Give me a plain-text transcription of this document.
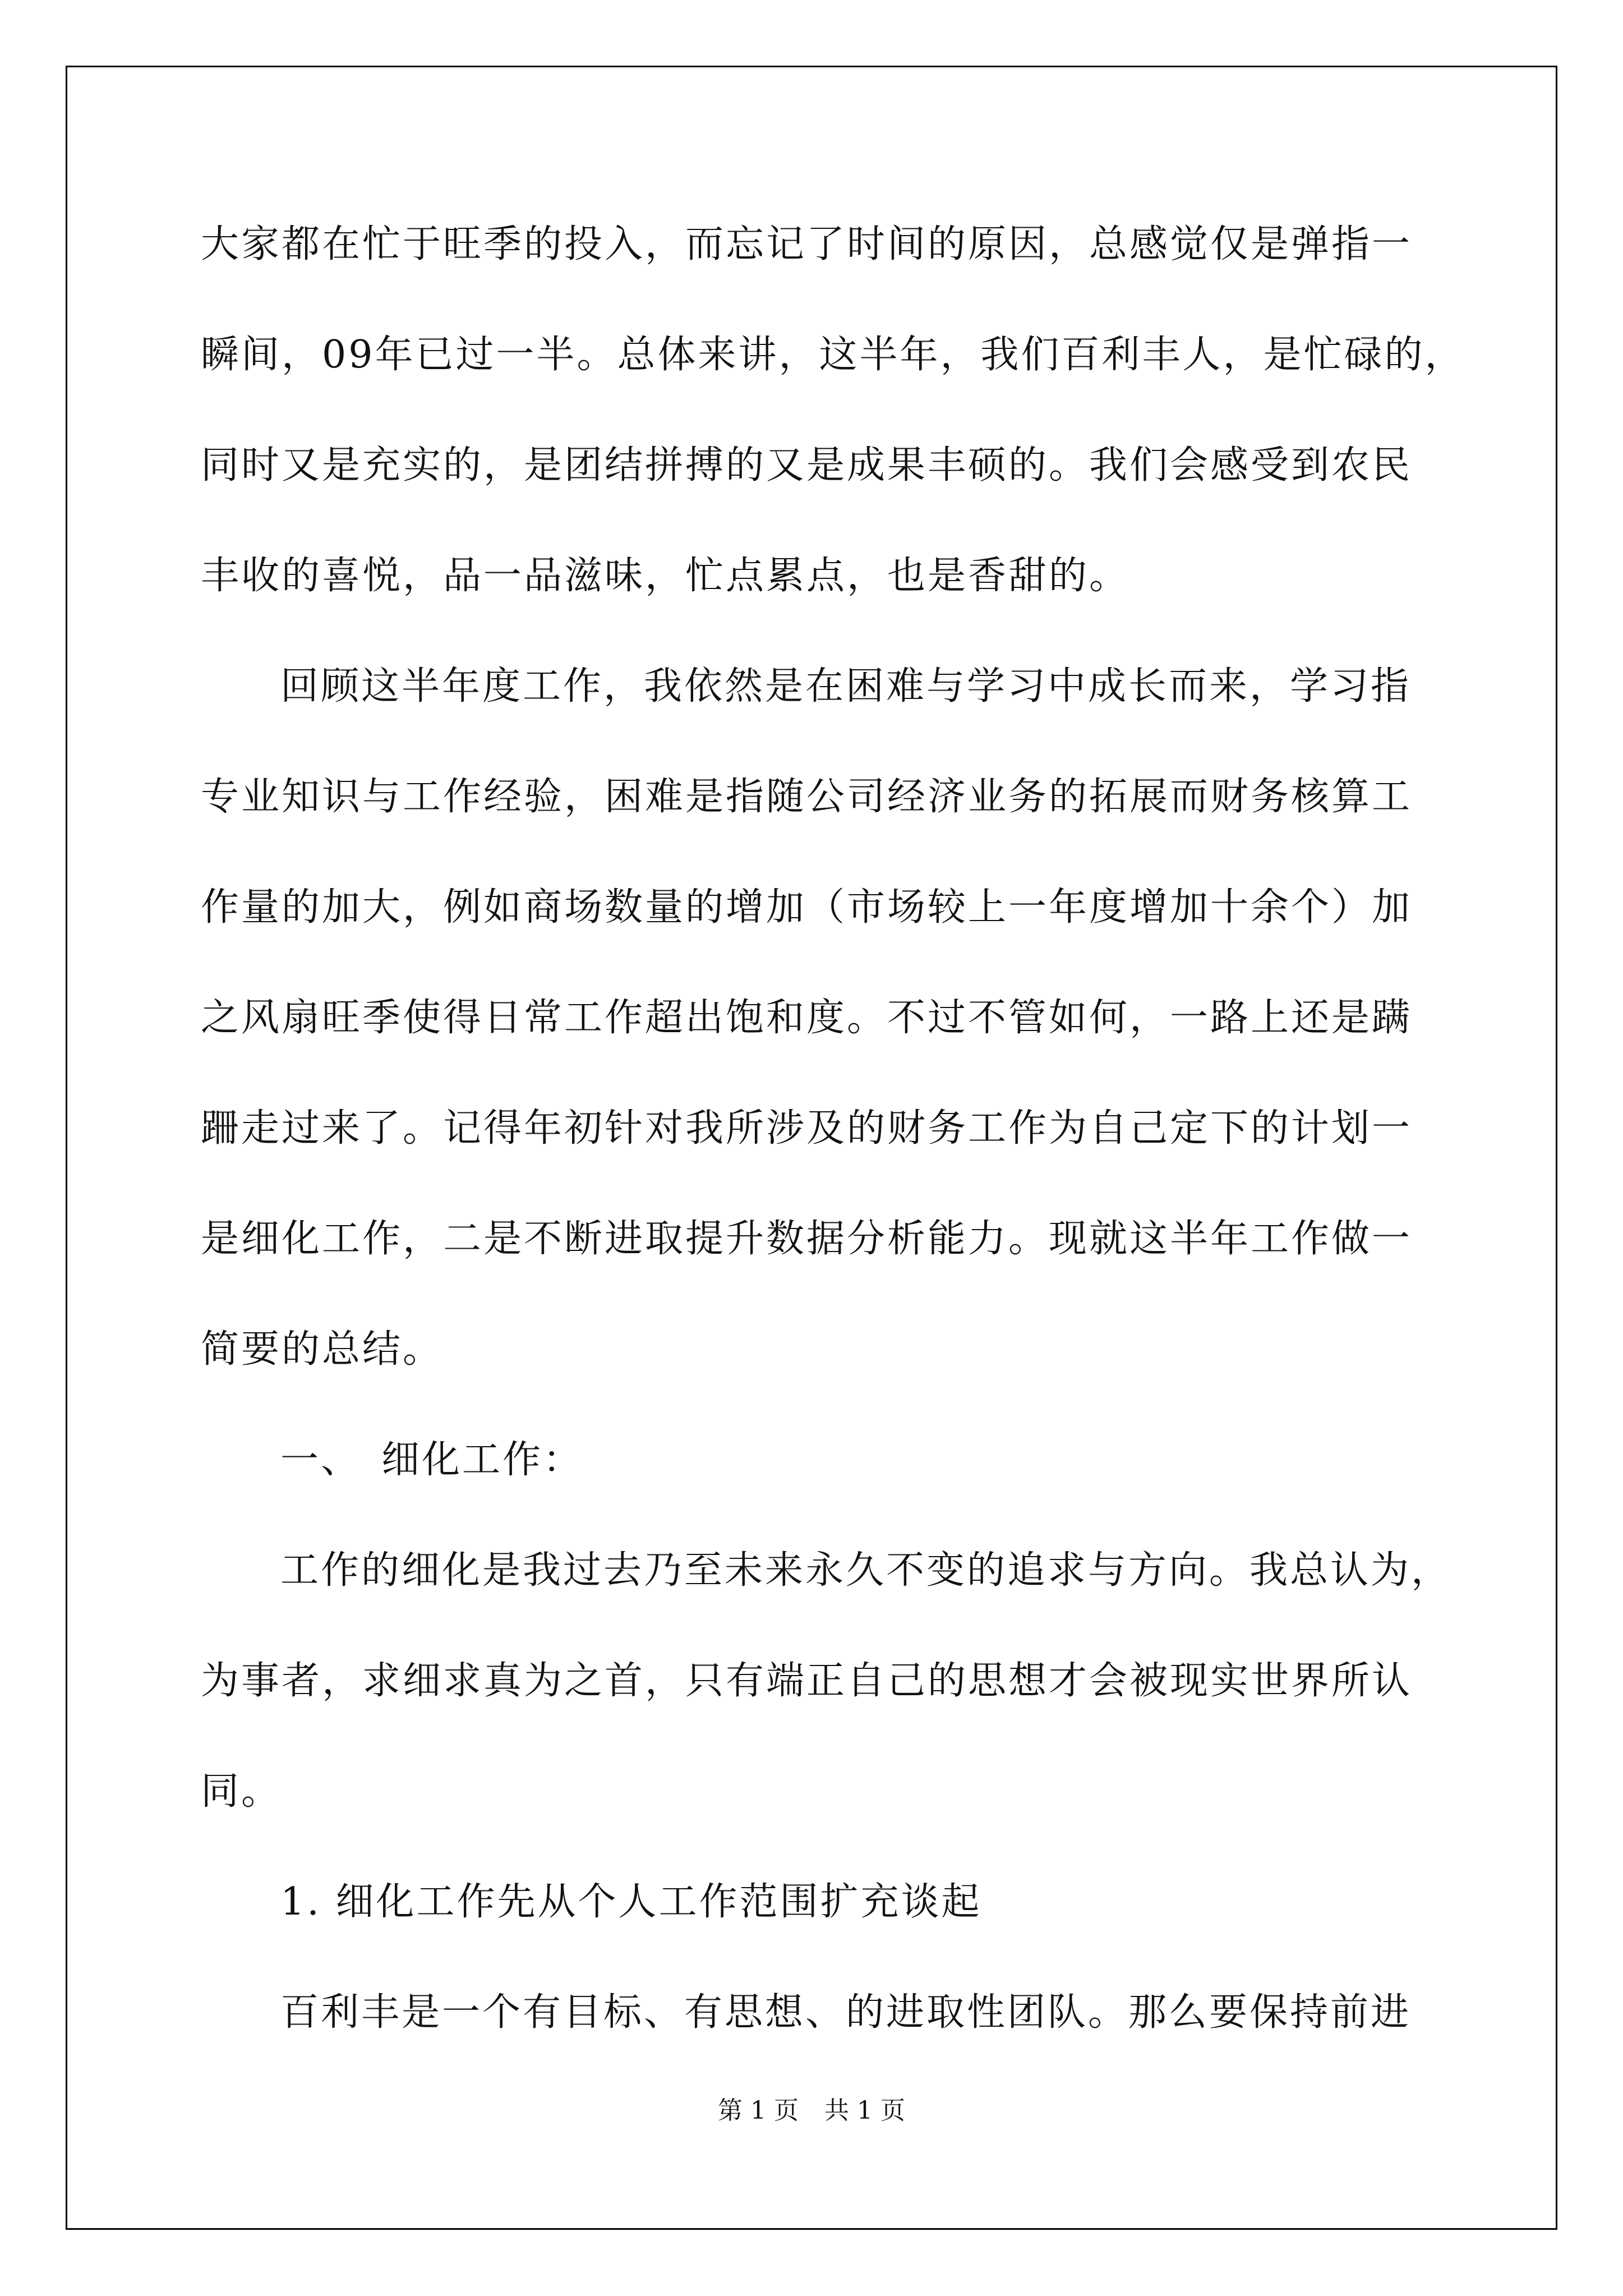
大家都在忙于旺季的投入，而忘记了时间的原因，总感觉仅是弹指一

瞬间，09年已过一半。总体来讲，这半年，我们百利丰人，是忙碌的，

同时又是充实的，是团结拼搏的又是成果丰硕的。我们会感受到农民

丰收的喜悦，品一品滋味，忙点累点，也是香甜的。

回顾这半年度工作，我依然是在困难与学习中成长而来，学习指

专业知识与工作经验，困难是指随公司经济业务的拓展而财务核算工

作量的加大，例如商场数量的增加（市场较上一年度增加十余个）加

之风扇旺季使得日常工作超出饱和度。不过不管如何，一路上还是蹒

跚走过来了。记得年初针对我所涉及的财务工作为自己定下的计划一

是细化工作，二是不断进取提升数据分析能力。现就这半年工作做一

简要的总结。

一、 细化工作：

工作的细化是我过去乃至未来永久不变的追求与方向。我总认为，

为事者，求细求真为之首，只有端正自己的思想才会被现实世界所认

同。

1. 细化工作先从个人工作范围扩充谈起

百利丰是一个有目标、有思想、的进取性团队。那么要保持前进

第 1 页 共 1 页
